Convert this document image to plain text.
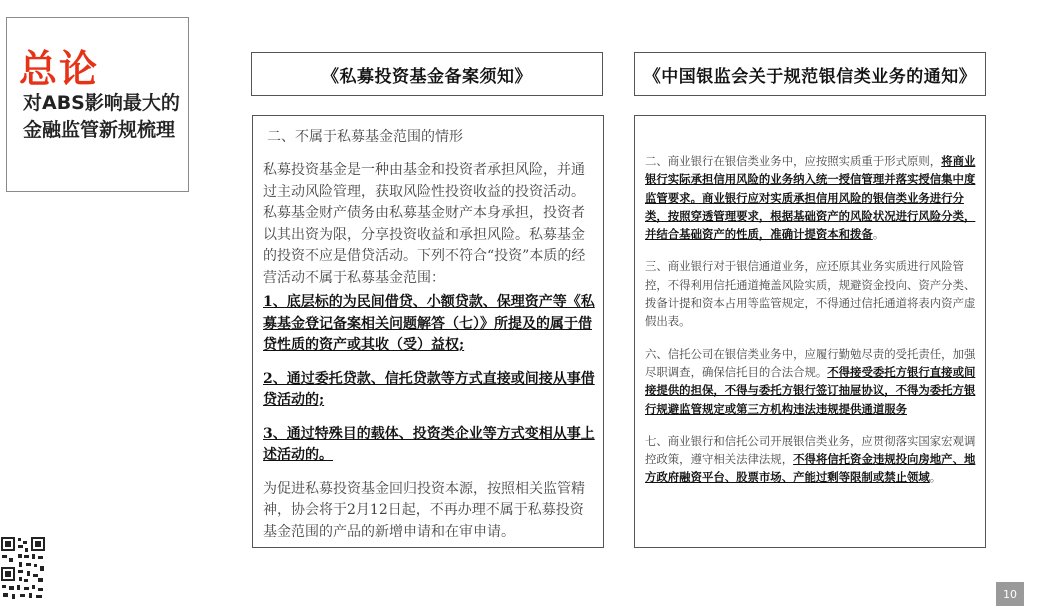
总论
对ABS影响最大的金融监管新规梳理
《私募投资基金备案须知》	《中国银监会关于规范银信类业务的通知》
二、不属于私募基金范围的情形

私募投资基金是一种由基金和投资者承担风险，并通过主动风险管理，获取风险性投资收益的投资活动。私募基金财产债务由私募基金财产本身承担，投资者以其出资为限，分享投资收益和承担风险。私募基金的投资不应是借贷活动。下列不符合“投资”本质的经营活动不属于私募基金范围：

1、底层标的为民间借贷、小额贷款、保理资产等《私募基金登记备案相关问题解答（七）》所提及的属于借贷性质的资产或其收（受）益权;

2、通过委托贷款、信托贷款等方式直接或间接从事借贷活动的;

3、通过特殊目的载体、投资类企业等方式变相从事上述活动的。

为促进私募投资基金回归投资本源，按照相关监管精神，协会将于2月12日起，不再办理不属于私募投资基金范围的产品的新增申请和在审申请。

二、商业银行在银信类业务中，应按照实质重于形式原则，将商业银行实际承担信用风险的业务纳入统一授信管理并落实授信集中度监管要求。商业银行应对实质承担信用风险的银信类业务进行分类，按照穿透管理要求，根据基础资产的风险状况进行风险分类，并结合基础资产的性质，准确计提资本和拨备。

三、商业银行对于银信通道业务，应还原其业务实质进行风险管控，不得利用信托通道掩盖风险实质，规避资金投向、资产分类、拨备计提和资本占用等监管规定，不得通过信托通道将表内资产虚假出表。

六、信托公司在银信类业务中，应履行勤勉尽责的受托责任，加强尽职调查，确保信托目的合法合规。不得接受委托方银行直接或间接提供的担保，不得与委托方银行签订抽屉协议，不得为委托方银行规避监管规定或第三方机构违法违规提供通道服务

七、商业银行和信托公司开展银信类业务，应贯彻落实国家宏观调控政策，遵守相关法律法规，不得将信托资金违规投向房地产、地方政府融资平台、股票市场、产能过剩等限制或禁止领域。

10
